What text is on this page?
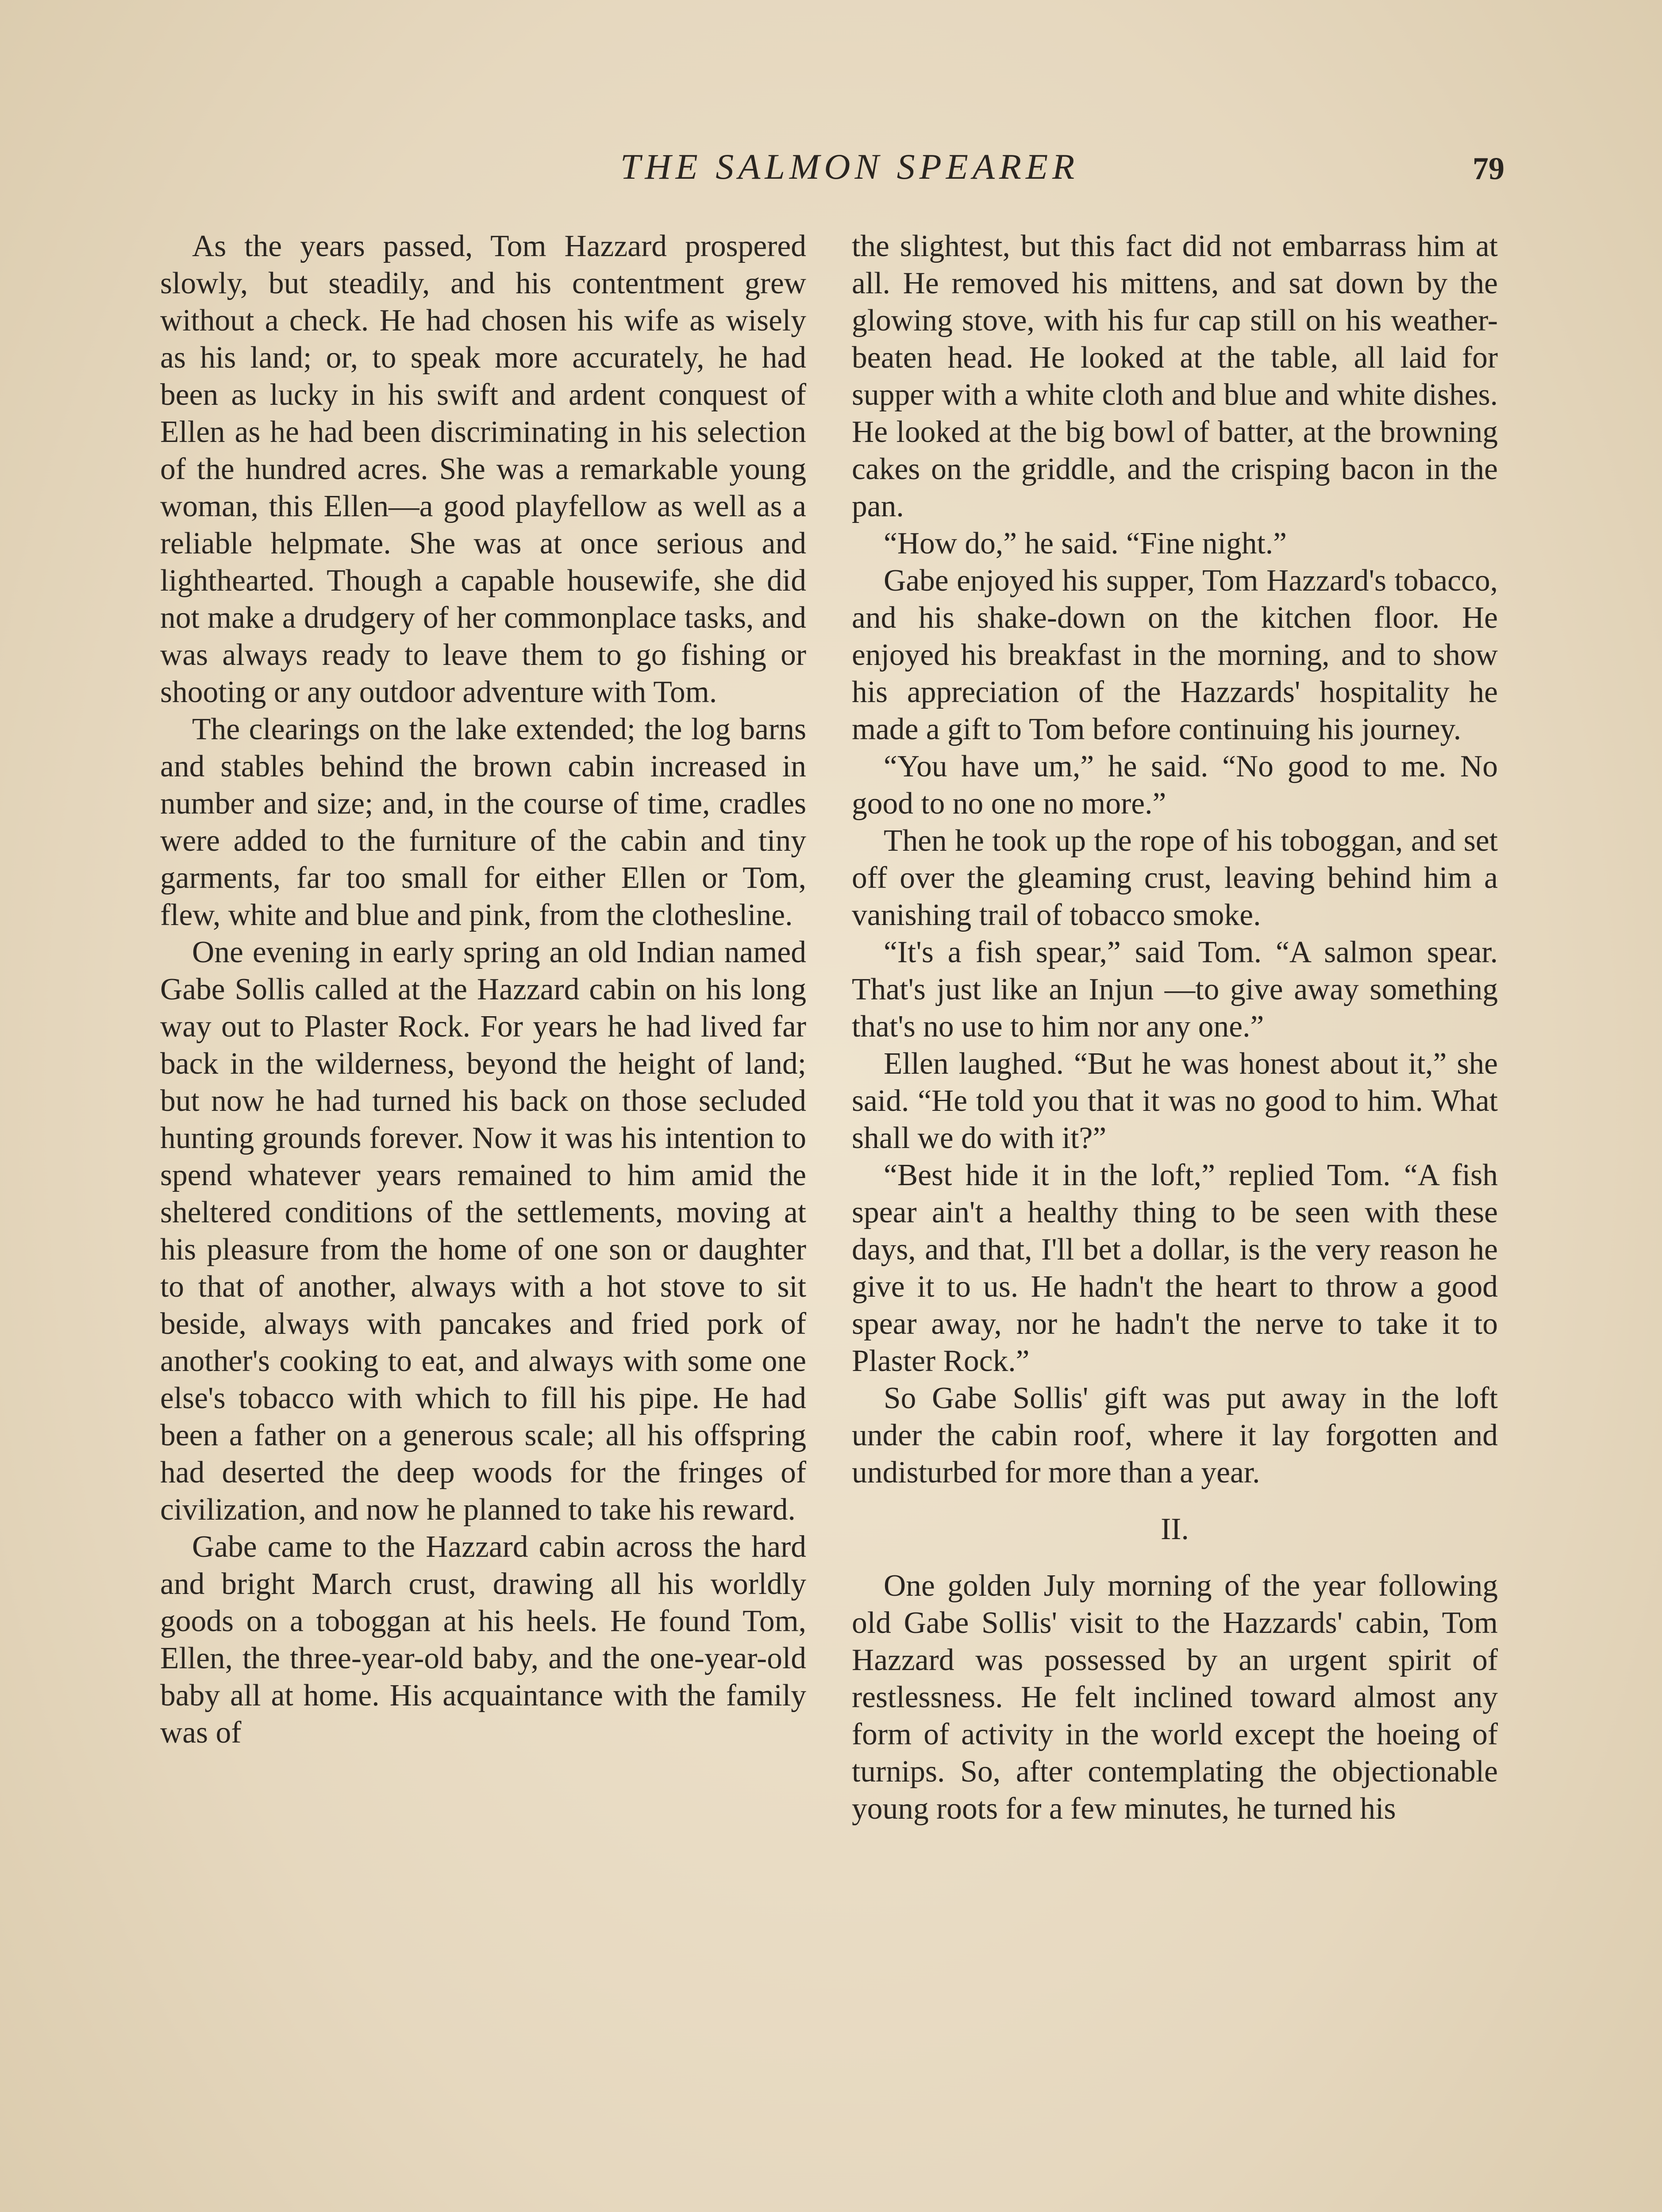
THE SALMON SPEARER	79

As the years passed, Tom Hazzard prospered slowly, but steadily, and his contentment grew without a check. He had chosen his wife as wisely as his land; or, to speak more accurately, he had been as lucky in his swift and ardent conquest of Ellen as he had been discriminating in his selection of the hundred acres. She was a remarkable young woman, this Ellen—a good playfellow as well as a reliable helpmate. She was at once serious and lighthearted. Though a capable housewife, she did not make a drudgery of her commonplace tasks, and was always ready to leave them to go fishing or shooting or any outdoor adventure with Tom.

The clearings on the lake extended; the log barns and stables behind the brown cabin increased in number and size; and, in the course of time, cradles were added to the furniture of the cabin and tiny garments, far too small for either Ellen or Tom, flew, white and blue and pink, from the clothesline.

One evening in early spring an old Indian named Gabe Sollis called at the Hazzard cabin on his long way out to Plaster Rock. For years he had lived far back in the wilderness, beyond the height of land; but now he had turned his back on those secluded hunting grounds forever. Now it was his intention to spend whatever years remained to him amid the sheltered conditions of the settlements, moving at his pleasure from the home of one son or daughter to that of another, always with a hot stove to sit beside, always with pancakes and fried pork of another's cooking to eat, and always with some one else's tobacco with which to fill his pipe. He had been a father on a generous scale; all his offspring had deserted the deep woods for the fringes of civilization, and now he planned to take his reward.

Gabe came to the Hazzard cabin across the hard and bright March crust, drawing all his worldly goods on a toboggan at his heels. He found Tom, Ellen, the three-year-old baby, and the one-year-old baby all at home. His acquaintance with the family was of

the slightest, but this fact did not embarrass him at all. He removed his mittens, and sat down by the glowing stove, with his fur cap still on his weather-beaten head. He looked at the table, all laid for supper with a white cloth and blue and white dishes. He looked at the big bowl of batter, at the browning cakes on the griddle, and the crisping bacon in the pan.

“How do,” he said. “Fine night.”

Gabe enjoyed his supper, Tom Hazzard's tobacco, and his shake-down on the kitchen floor. He enjoyed his breakfast in the morning, and to show his appreciation of the Hazzards' hospitality he made a gift to Tom before continuing his journey.

“You have um,” he said. “No good to me. No good to no one no more.”

Then he took up the rope of his toboggan, and set off over the gleaming crust, leaving behind him a vanishing trail of tobacco smoke.

“It's a fish spear,” said Tom. “A salmon spear. That's just like an Injun —to give away something that's no use to him nor any one.”

Ellen laughed. “But he was honest about it,” she said. “He told you that it was no good to him. What shall we do with it?”

“Best hide it in the loft,” replied Tom. “A fish spear ain't a healthy thing to be seen with these days, and that, I'll bet a dollar, is the very reason he give it to us. He hadn't the heart to throw a good spear away, nor he hadn't the nerve to take it to Plaster Rock.”

So Gabe Sollis' gift was put away in the loft under the cabin roof, where it lay forgotten and undisturbed for more than a year.

II.

One golden July morning of the year following old Gabe Sollis' visit to the Hazzards' cabin, Tom Hazzard was possessed by an urgent spirit of restlessness. He felt inclined toward almost any form of activity in the world except the hoeing of turnips. So, after contemplating the objectionable young roots for a few minutes, he turned his
